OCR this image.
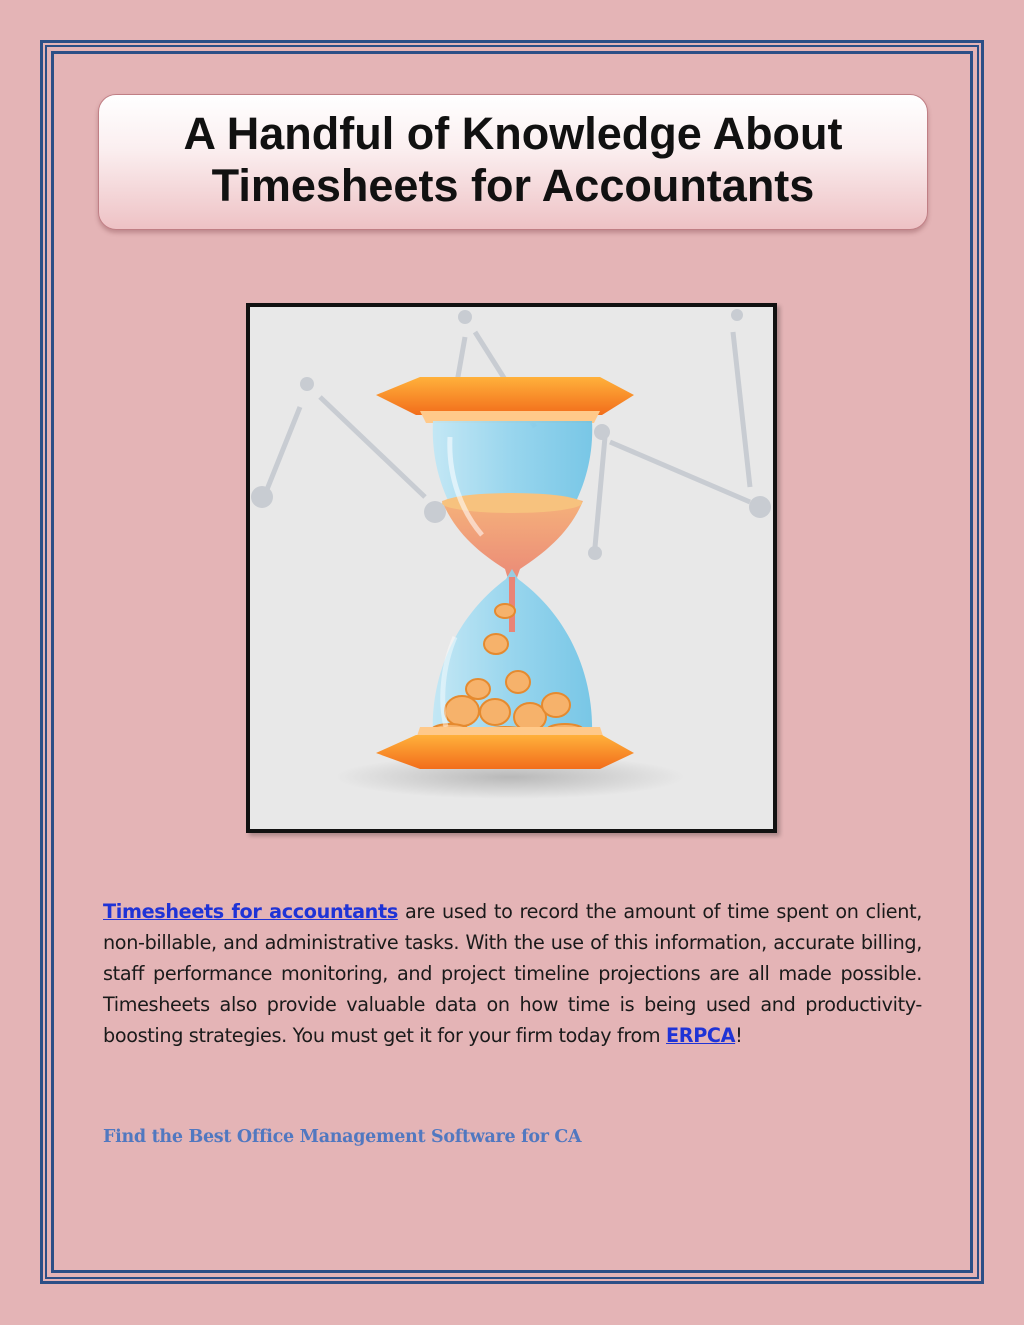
A Handful of Knowledge About
Timesheets for Accountants
Timesheets for accountants are used to record the amount of time spent on client, non-billable, and administrative tasks. With the use of this information, accurate billing, staff performance monitoring, and project timeline projections are all made possible. Timesheets also provide valuable data on how time is being used and productivity-boosting strategies. You must get it for your firm today from ERPCA!
Find the Best Office Management Software for CA
